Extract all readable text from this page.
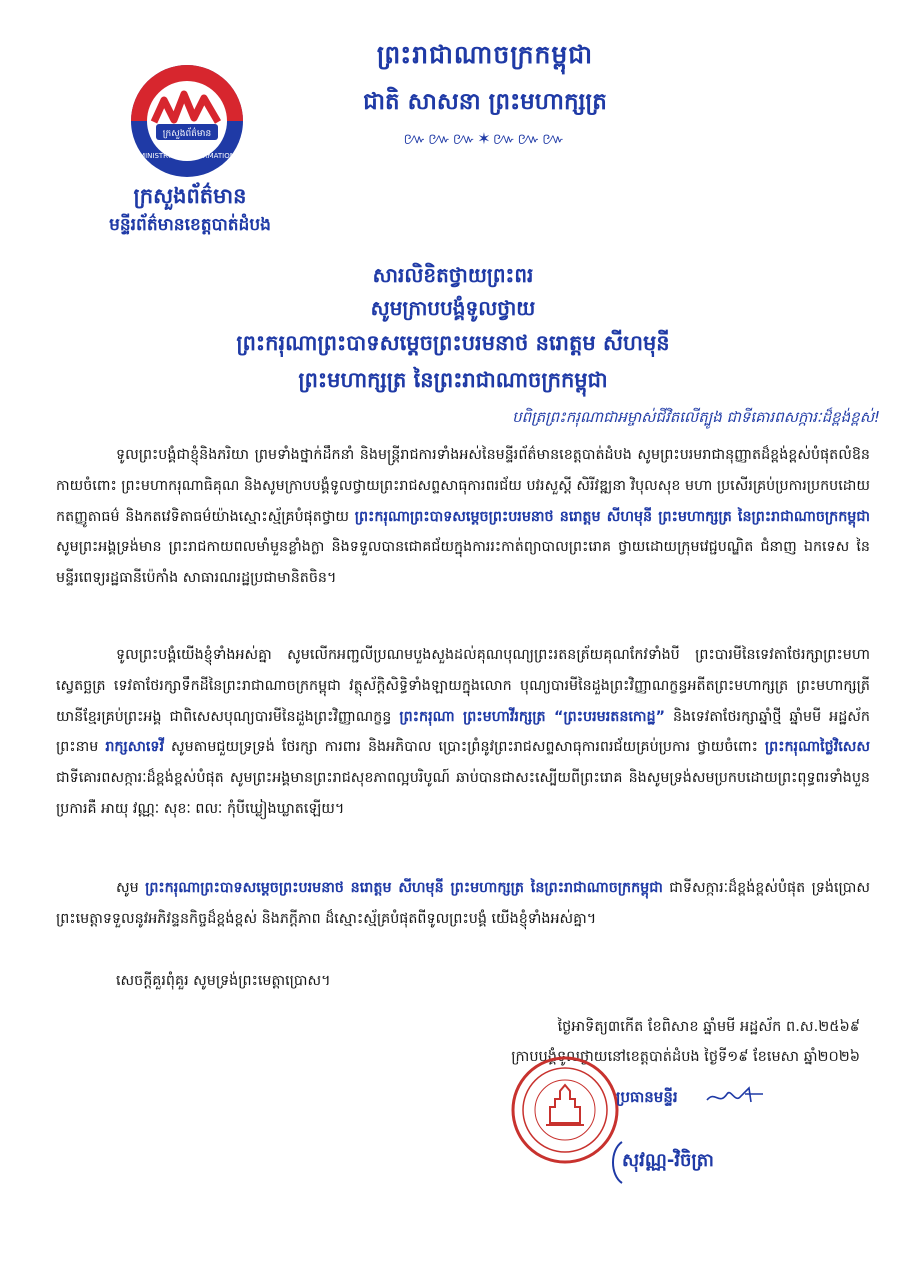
ព្រះរាជាណាចក្រកម្ពុជា
ជាតិ សាសនា ព្រះមហាក្សត្រ
៚៚៚✶៚៚៚
ក្រសួងព័ត៌មាន
MINISTRY OF INFORMATION
ក្រសួងព័ត៌មាន
មន្ទីរព័ត៌មានខេត្តបាត់ដំបង
សារលិខិតថ្វាយព្រះពរ
សូមក្រាបបង្គំទូលថ្វាយ
ព្រះករុណាព្រះបាទសម្តេចព្រះបរមនាថ នរោត្តម សីហមុនី
ព្រះមហាក្សត្រ នៃព្រះរាជាណាចក្រកម្ពុជា
បពិត្រព្រះករុណាជាអម្ចាស់ជីវិតលើត្បូង ជាទីគោរពសក្ការៈដ៏ខ្ពង់ខ្ពស់!
ទូលព្រះបង្គំជាខ្ញុំនិងភរិយា ព្រមទាំងថ្នាក់ដឹកនាំ និងមន្រ្តីរាជការទាំងអស់នៃមន្ទីរព័ត៌មានខេត្តបាត់ដំបង សូមព្រះបរមរាជានុញ្ញាតដ៏ខ្ពង់ខ្ពស់បំផុតលំឱនកាយចំពោះ ព្រះមហាករុណាធិគុណ និងសូមក្រាបបង្គំទូលថ្វាយព្រះរាជសព្ទសាធុការពរជ័យ បវរសួស្តី សិរីវឌ្ឍនា វិបុលសុខ មហា ប្រសើរគ្រប់ប្រការប្រកបដោយកតញ្ញូតាធម៌ និងកតវេទិតាធម៌យ៉ាងស្មោះស្ម័គ្របំផុតថ្វាយ ព្រះករុណាព្រះបាទសម្តេចព្រះបរមនាថ នរោត្តម សីហមុនី ព្រះមហាក្សត្រ នៃព្រះរាជាណាចក្រកម្ពុជា សូមព្រះអង្គទ្រង់មាន ព្រះរាជកាយពលមាំមួនខ្លាំងក្លា និងទទួលបានជោគជ័យក្នុងការរះកាត់ព្យាបាលព្រះរោគ ថ្វាយដោយក្រុមវេជ្ជបណ្ឌិត ជំនាញ ឯកទេស នៃមន្ទីរពេទ្យរដ្ឋធានីប៉េកាំង សាធារណរដ្ឋប្រជាមានិតចិន។
ទូលព្រះបង្គំយើងខ្ញុំទាំងអស់គ្នា សូមលើកអញ្ជលីប្រណមបួងសួងដល់គុណបុណ្យព្រះរតនត្រ័យគុណកែវទាំងបី ព្រះបារមីនៃទេវតាថែរក្សាព្រះមហាស្វេតច្ឆត្រ ទេវតាថែរក្សាទឹកដីនៃព្រះរាជាណាចក្រកម្ពុជា វត្ថុស័ក្តិសិទ្ធិទាំងឡាយក្នុងលោក បុណ្យបារមីនៃដួងព្រះវិញ្ញាណក្ខន្ធអតីតព្រះមហាក្សត្រ ព្រះមហាក្សត្រីយានីខ្មែរគ្រប់ព្រះអង្គ ជាពិសេសបុណ្យបារមីនៃដួងព្រះវិញ្ញាណក្ខន្ធ ព្រះករុណា ព្រះមហាវីរក្សត្រ “ព្រះបរមរតនកោដ្ឋ” និងទេវតាថែរក្សាឆ្នាំថ្មី ឆ្នាំមមី អដ្ឋស័ក ព្រះនាម រាក្សសាទេវី សូមតាមជួយទ្រទ្រង់ ថែរក្សា ការពារ និងអភិបាល ប្រោះព្រំនូវព្រះរាជសព្ទសាធុការពរជ័យគ្រប់ប្រការ ថ្វាយចំពោះ ព្រះករុណាថ្លៃវិសេស ជាទីគោរពសក្ការៈដ៏ខ្ពង់ខ្ពស់បំផុត សូមព្រះអង្គមានព្រះរាជសុខភាពល្អបរិបូណ៍ ឆាប់បានជាសះស្បើយពីព្រះរោគ និងសូមទ្រង់សមប្រកបដោយព្រះពុទ្ធពរទាំងបួនប្រការគឺ អាយុ វណ្ណៈ សុខៈ ពលៈ កុំបីឃ្លៀងឃ្លាតឡើយ។
សូម ព្រះករុណាព្រះបាទសម្តេចព្រះបរមនាថ នរោត្តម សីហមុនី ព្រះមហាក្សត្រ នៃព្រះរាជាណាចក្រកម្ពុជា ជាទីសក្ការៈដ៏ខ្ពង់ខ្ពស់បំផុត ទ្រង់ប្រោសព្រះមេត្តាទទួលនូវអភិវន្ទនកិច្ចដ៏ខ្ពង់ខ្ពស់ និងភក្តីភាព ដ៏ស្មោះស្ម័គ្របំផុតពីទូលព្រះបង្គំ យើងខ្ញុំទាំងអស់គ្នា។
សេចក្តីគួរពុំគួរ សូមទ្រង់ព្រះមេត្តាប្រោស។
ថ្ងៃអាទិត្យ៣កើត ខែពិសាខ ឆ្នាំមមី អដ្ឋស័ក ព.ស.២៥៦៩
ក្រាបបង្គំទូលថ្វាយនៅខេត្តបាត់ដំបង ថ្ងៃទី១៩ ខែមេសា ឆ្នាំ២០២៦
ប្រធានមន្ទីរ
សុវណ្ណ-វិចិត្រា
